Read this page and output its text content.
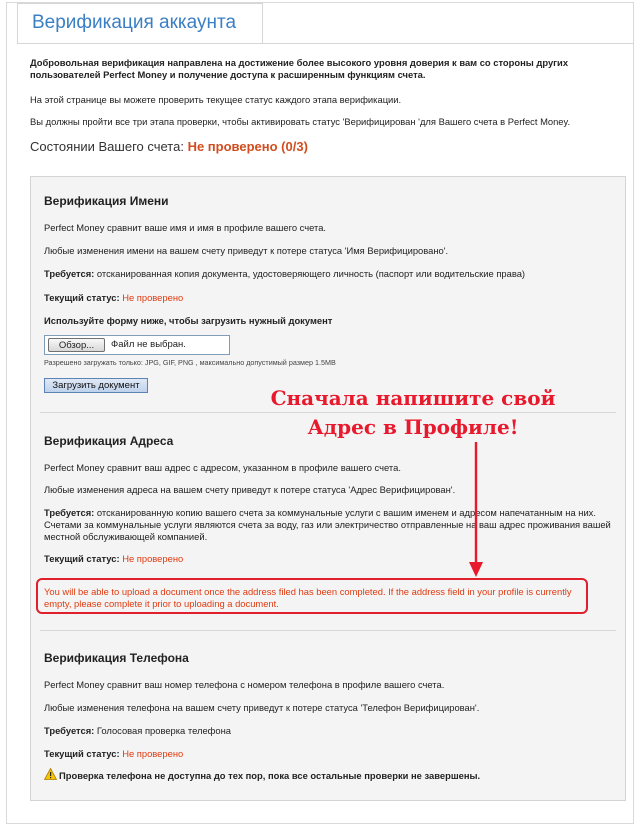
Верификация аккаунта

Добровольная верификация направлена на достижение более высокого уровня доверия к вам со стороны других пользователей Perfect Money и получение доступа к расширенным функциям счета.

На этой странице вы можете проверить текущее статус каждого этапа верификации.

Вы должны пройти все три этапа проверки, чтобы активировать статус 'Верифицирован 'для Вашего счета в Perfect Money.

Состоянии Вашего счета: Не проверено (0/3)
Верификация Имени

Perfect Money сравнит ваше имя и имя в профиле вашего счета.

Любые изменения имени на вашем счету приведут к потере статуса 'Имя Верифицировано'.

Требуется: отсканированная копия документа, удостоверяющего личность (паспорт или водительские права)

Текущий статус: Не проверено

Используйте форму ниже, чтобы загрузить нужный документ

Обзор...	Файл не выбран.
Разрешено загружать только: JPG, GIF, PNG , максимально допустимый размер 1.5MB
Загрузить документ
Верификация Адреса

Perfect Money сравнит ваш адрес с адресом, указанном в профиле вашего счета.

Любые изменения адреса на вашем счету приведут к потере статуса 'Адрес Верифицирован'.

Требуется: отсканированную копию вашего счета за коммунальные услуги с вашим именем и адресом напечатанным на них. Счетами за коммунальные услуги являются счета за воду, газ или электричество отправленные на ваш адрес проживания вашей местной обслуживающей компанией.

Текущий статус: Не проверено

You will be able to upload a document once the address filed has been completed. If the address field in your profile is currently empty, please complete it prior to uploading a document.

Верификация Телефона

Perfect Money сравнит ваш номер телефона с номером телефона в профиле вашего счета.

Любые изменения телефона на вашем счету приведут к потере статуса 'Телефон Верифицирован'.

Требуется: Голосовая проверка телефона

Текущий статус: Не проверено

Проверка телефона не доступна до тех пор, пока все остальные проверки не завершены.

Сначала напишите свой
Адрес в Профиле!
